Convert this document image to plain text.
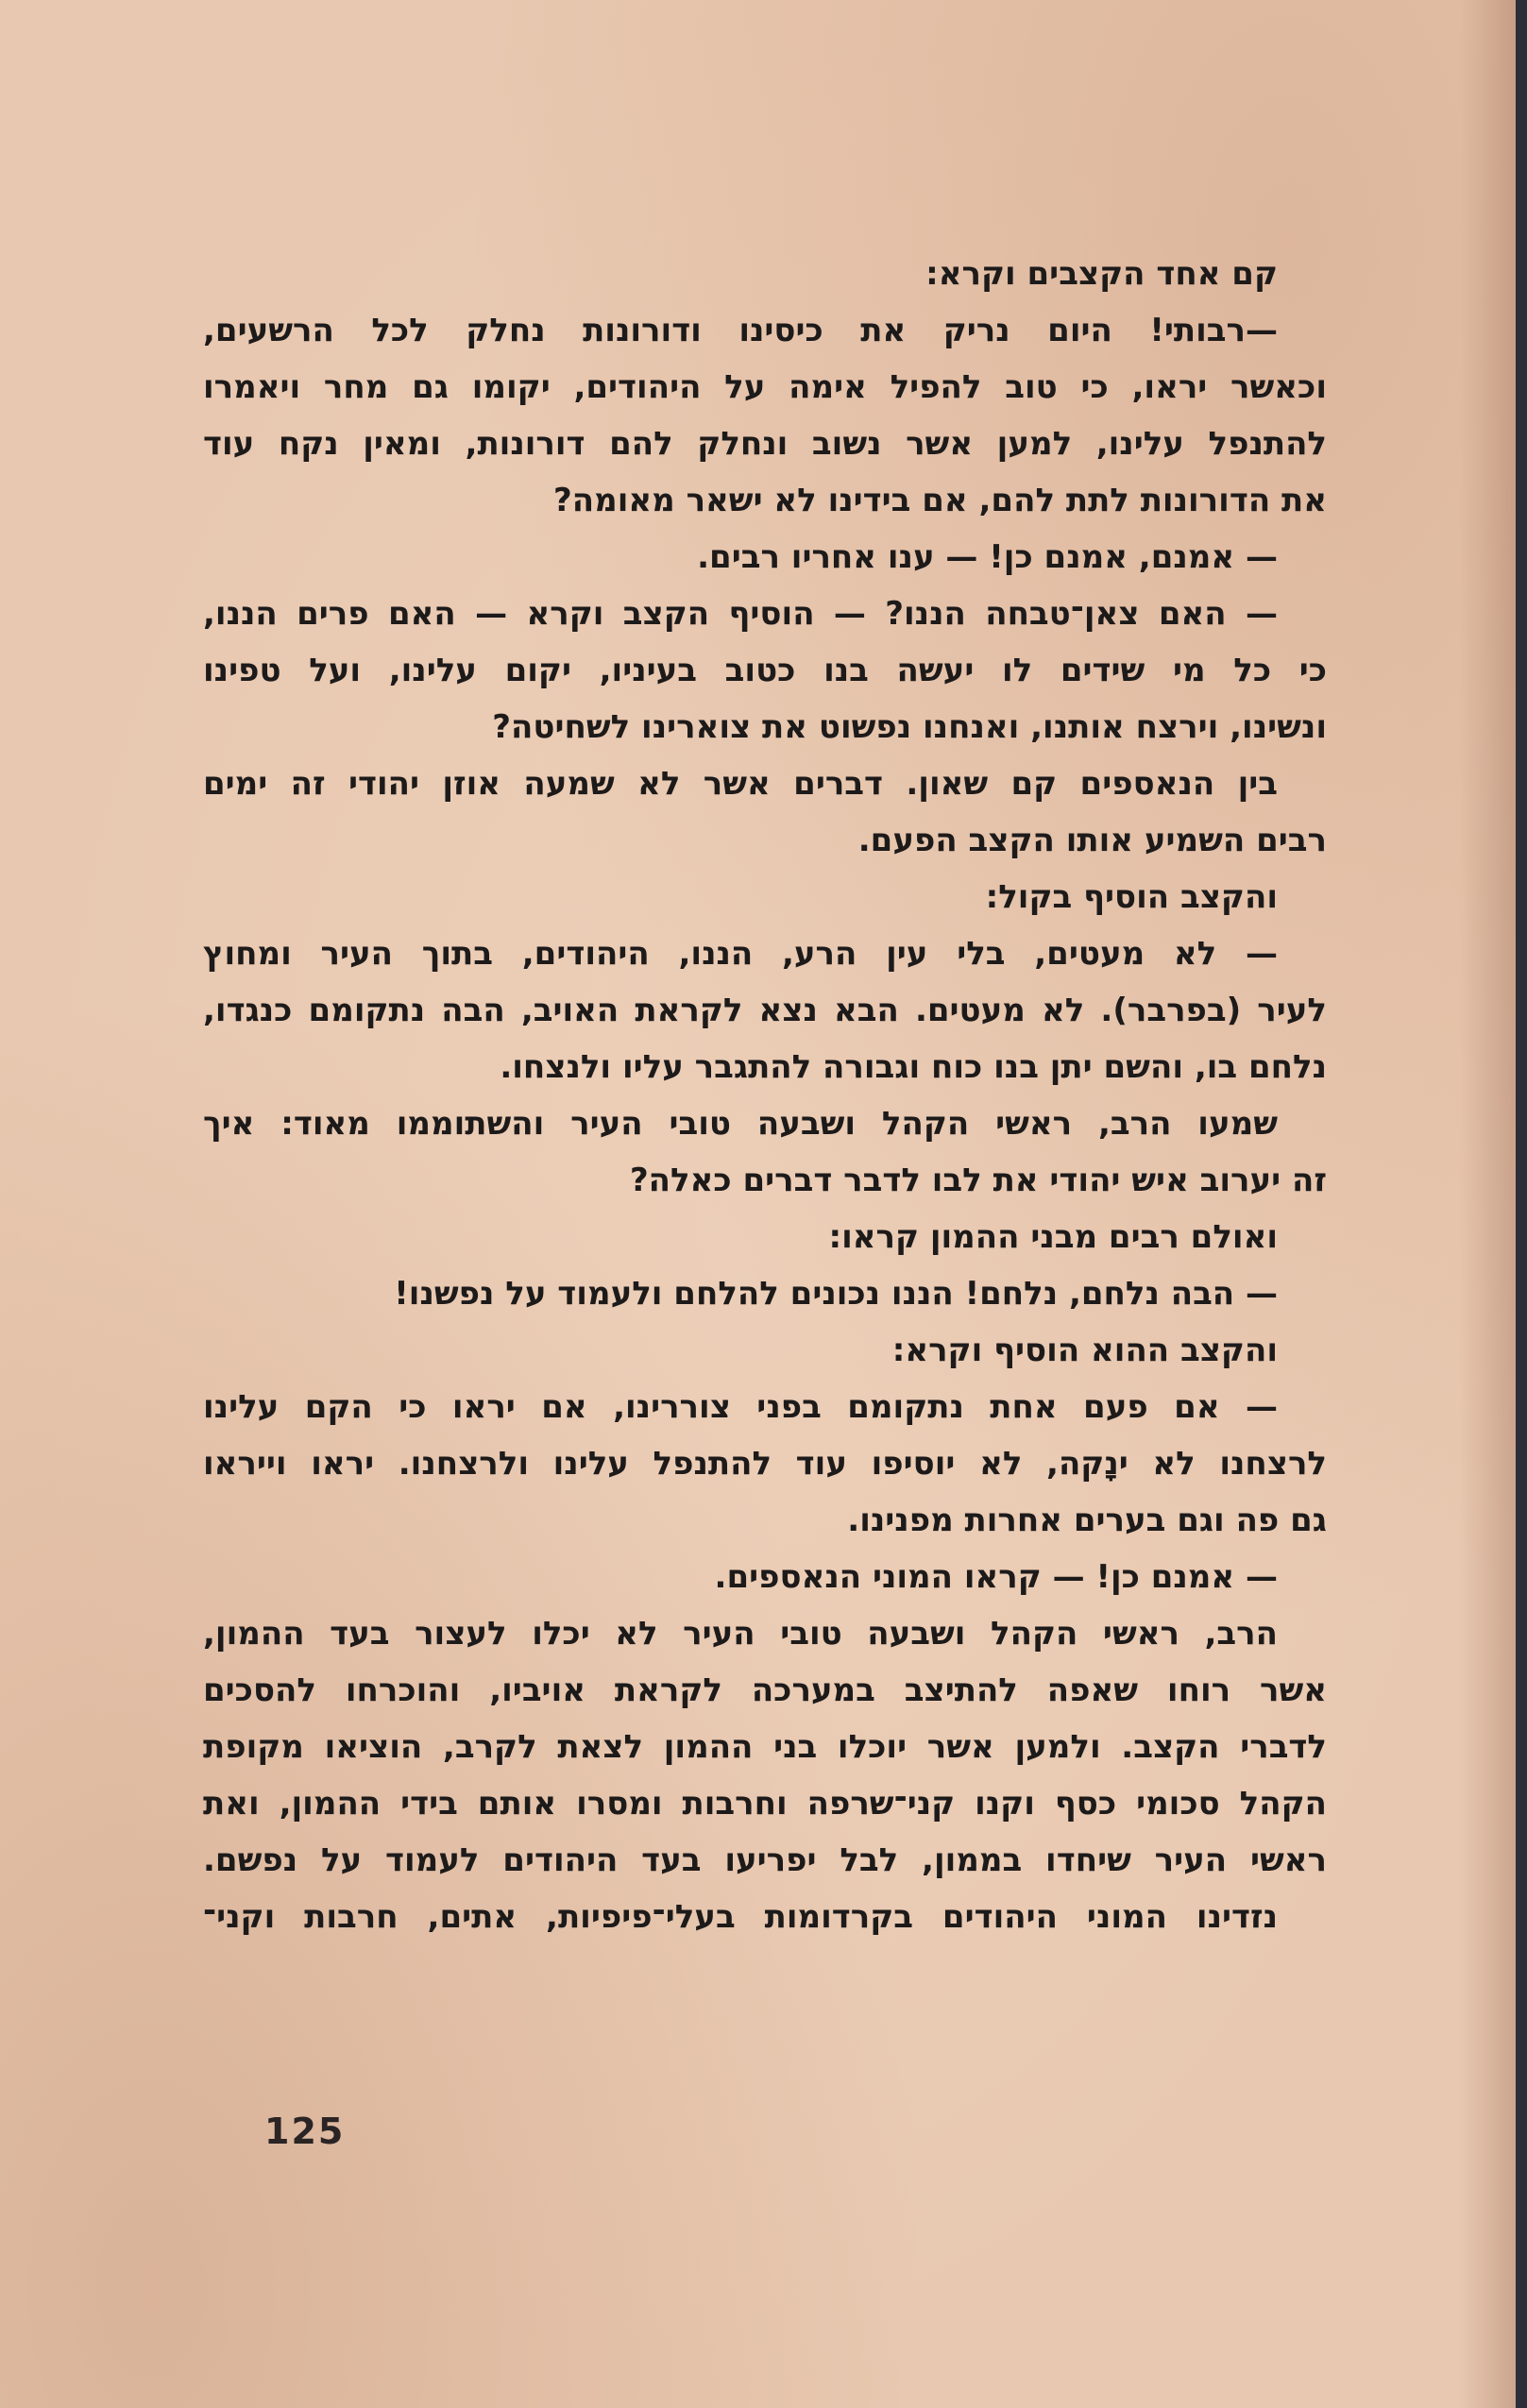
קם אחד הקצבים וקרא:
—רבותי! היום נריק את כיסינו ודורונות נחלק לכל הרשעים,
וכאשר יראו, כי טוב להפיל אימה על היהודים, יקומו גם מחר ויאמרו
להתנפל עלינו, למען אשר נשוב ונחלק להם דורונות, ומאין נקח עוד
את הדורונות לתת להם, אם בידינו לא ישאר מאומה?
— אמנם, אמנם כן! — ענו אחריו רבים.
— האם צאן־טבחה הננו? — הוסיף הקצב וקרא — האם פרים הננו,
כי כל מי שידים לו יעשה בנו כטוב בעיניו, יקום עלינו, ועל טפינו
ונשינו, וירצח אותנו, ואנחנו נפשוט את צוארינו לשחיטה?
בין הנאספים קם שאון. דברים אשר לא שמעה אוזן יהודי זה ימים
רבים השמיע אותו הקצב הפעם.
והקצב הוסיף בקול:
— לא מעטים, בלי עין הרע, הננו, היהודים, בתוך העיר ומחוץ
לעיר (בפרבר). לא מעטים. הבא נצא לקראת האויב, הבה נתקומם כנגדו,
נלחם בו, והשם יתן בנו כוח וגבורה להתגבר עליו ולנצחו.
שמעו הרב, ראשי הקהל ושבעה טובי העיר והשתוממו מאוד: איך
זה יערוב איש יהודי את לבו לדבר דברים כאלה?
ואולם רבים מבני ההמון קראו:
— הבה נלחם, נלחם! הננו נכונים להלחם ולעמוד על נפשנו!
והקצב ההוא הוסיף וקרא:
— אם פעם אחת נתקומם בפני צוררינו, אם יראו כי הקם עלינו
לרצחנו לא ינָקה, לא יוסיפו עוד להתנפל עלינו ולרצחנו. יראו וייראו
גם פה וגם בערים אחרות מפנינו.
— אמנם כן! — קראו המוני הנאספים.
הרב, ראשי הקהל ושבעה טובי העיר לא יכלו לעצור בעד ההמון,
אשר רוחו שאפה להתיצב במערכה לקראת אויביו, והוכרחו להסכים
לדברי הקצב. ולמען אשר יוכלו בני ההמון לצאת לקרב, הוציאו מקופת
הקהל סכומי כסף וקנו קני־שרפה וחרבות ומסרו אותם בידי ההמון, ואת
ראשי העיר שיחדו בממון, לבל יפריעו בעד היהודים לעמוד על נפשם.
נזדינו המוני היהודים בקרדומות בעלי־פיפיות, אתים, חרבות וקני־
125
